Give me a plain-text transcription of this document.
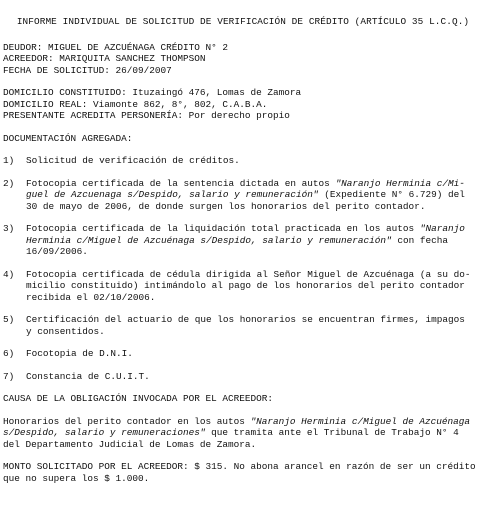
INFORME INDIVIDUAL DE SOLICITUD DE VERIFICACIÓN DE CRÉDITO (ARTÍCULO 35 L.C.Q.)
DEUDOR: MIGUEL DE AZCUÉNAGA CRÉDITO N° 2
ACREEDOR: MARIQUITA SANCHEZ THOMPSON
FECHA DE SOLICITUD: 26/09/2007
DOMICILIO CONSTITUIDO: Ituzaingó 476, Lomas de Zamora
DOMICILIO REAL: Viamonte 862, 8°, 802, C.A.B.A.
PRESENTANTE ACREDITA PERSONERÍA: Por derecho propio
DOCUMENTACIÓN AGREGADA:
1)	Solicitud de verificación de créditos.
2)	Fotocopia certificada de la sentencia dictada en autos "Naranjo Herminia c/Mi-
guel de Azcuenaga s/Despido, salario y remuneración" (Expediente N° 6.729) del
30 de mayo de 2006, de donde surgen los honorarios del perito contador.
3)	Fotocopia certificada de la liquidación total practicada en los autos "Naranjo
Herminia c/Miguel de Azcuénaga s/Despido, salario y remuneración" con fecha
16/09/2006.
4)	Fotocopia certificada de cédula dirigida al Señor Miguel de Azcuénaga (a su do-
micilio constituido) intimándolo al pago de los honorarios del perito contador
recibida el 02/10/2006.
5)	Certificación del actuario de que los honorarios se encuentran firmes, impagos
y consentidos.
6)	Focotopia de D.N.I.
7)	Constancia de C.U.I.T.
CAUSA DE LA OBLIGACIÓN INVOCADA POR EL ACREEDOR:
Honorarios del perito contador en los autos "Naranjo Herminia c/Miguel de Azcuénaga
s/Despido, salario y remuneraciones" que tramita ante el Tribunal de Trabajo N° 4
del Departamento Judicial de Lomas de Zamora.
MONTO SOLICITADO POR EL ACREEDOR: $ 315. No abona arancel en razón de ser un crédito
que no supera los $ 1.000.
